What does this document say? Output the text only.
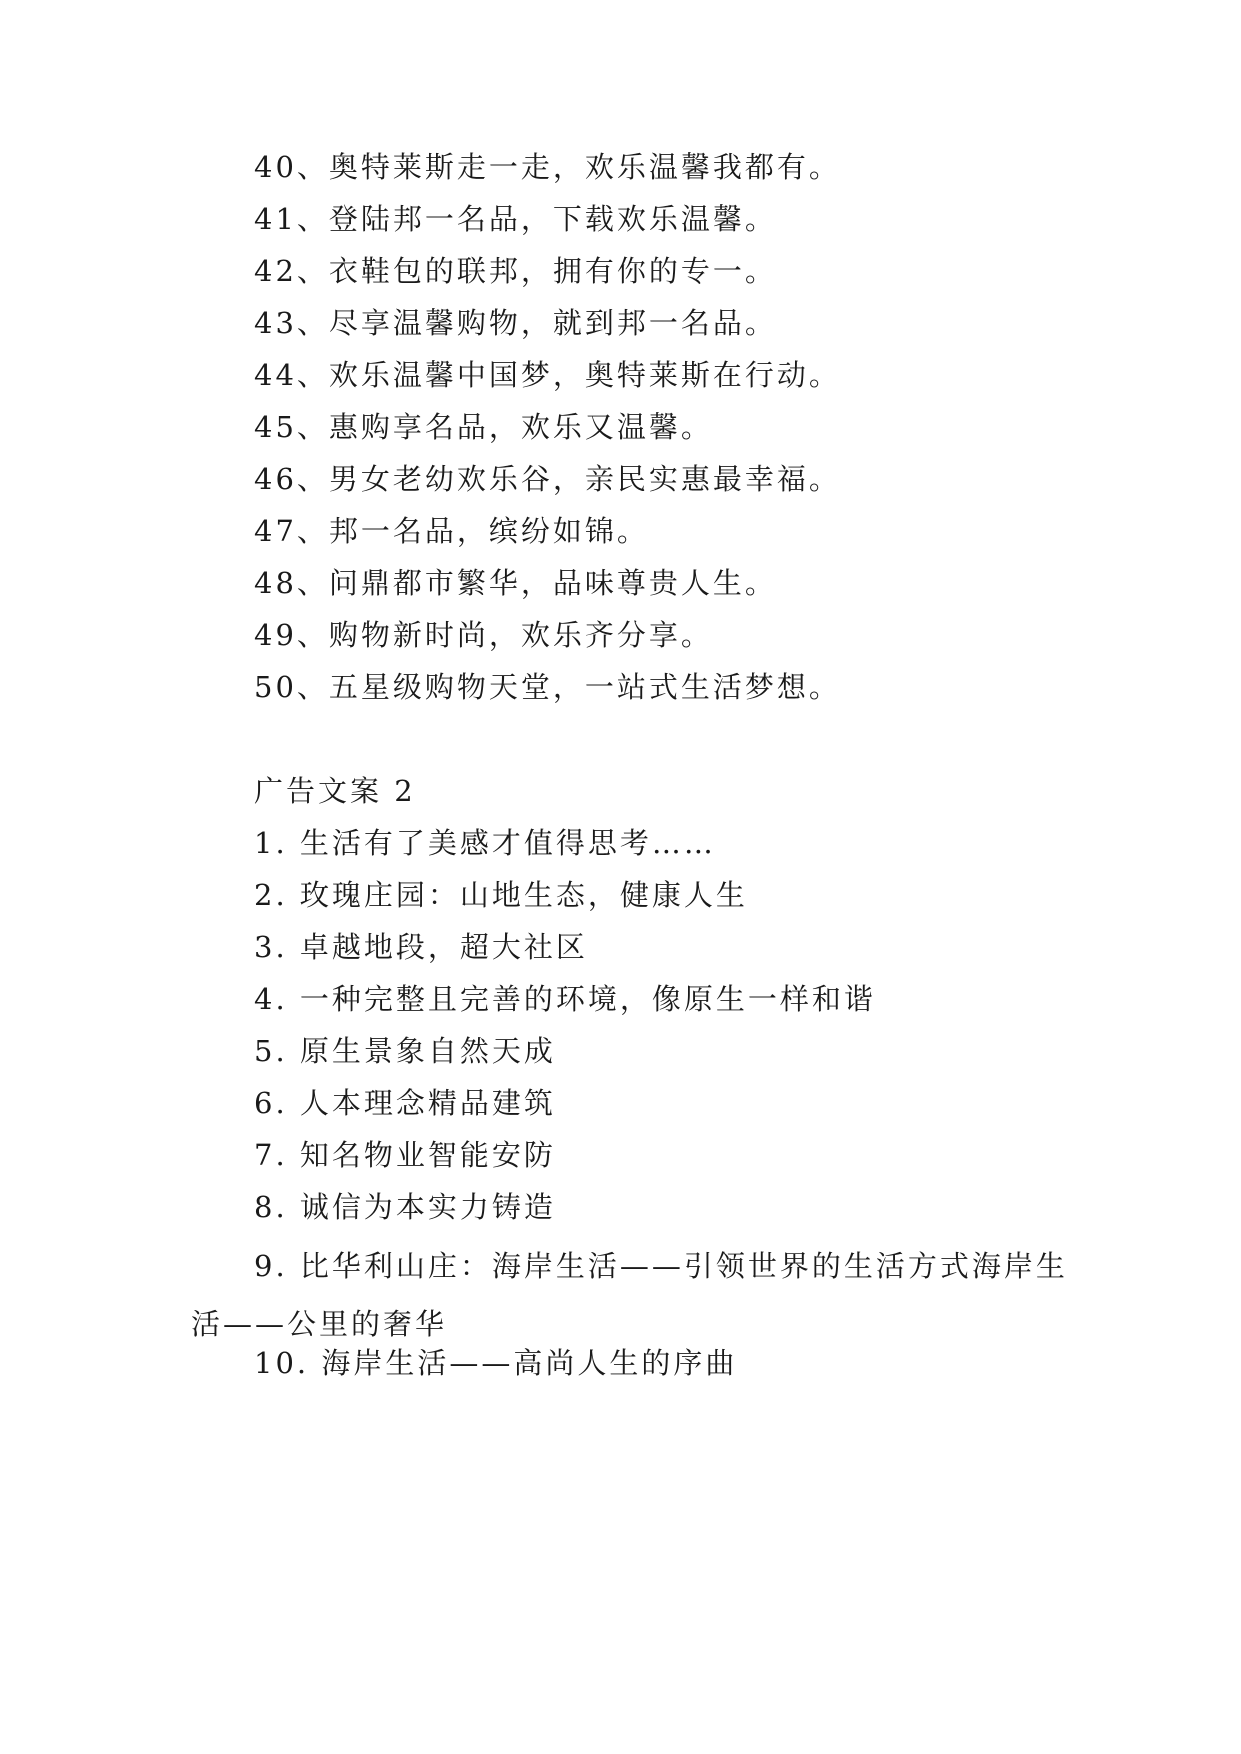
40、奥特莱斯走一走，欢乐温馨我都有。
41、登陆邦一名品，下载欢乐温馨。
42、衣鞋包的联邦，拥有你的专一。
43、尽享温馨购物，就到邦一名品。
44、欢乐温馨中国梦，奥特莱斯在行动。
45、惠购享名品，欢乐又温馨。
46、男女老幼欢乐谷，亲民实惠最幸福。
47、邦一名品，缤纷如锦。
48、问鼎都市繁华，品味尊贵人生。
49、购物新时尚，欢乐齐分享。
50、五星级购物天堂，一站式生活梦想。
广告文案 2
1. 生活有了美感才值得思考……
2. 玫瑰庄园：山地生态，健康人生
3. 卓越地段，超大社区
4. 一种完整且完善的环境，像原生一样和谐
5. 原生景象自然天成
6. 人本理念精品建筑
7. 知名物业智能安防
8. 诚信为本实力铸造
9. 比华利山庄：海岸生活——引领世界的生活方式海岸生活——公里的奢华
10. 海岸生活——高尚人生的序曲
